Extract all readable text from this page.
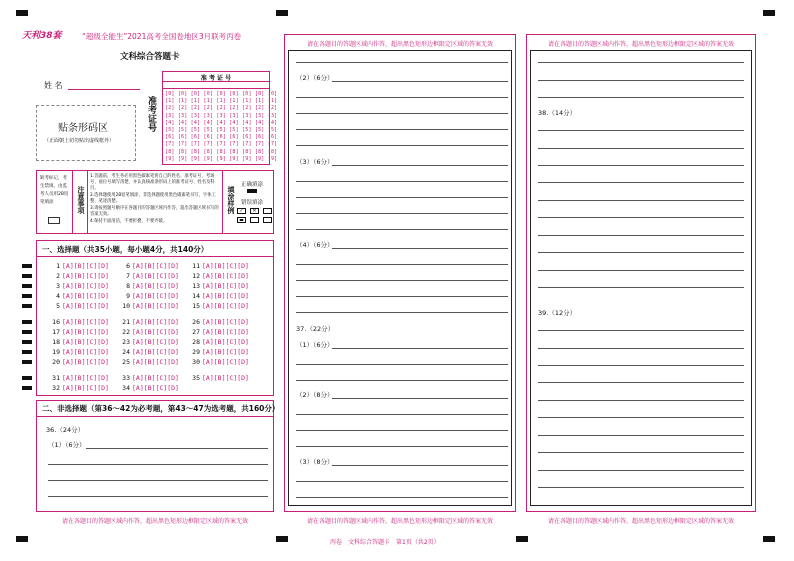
天利38套	“超级全能生”2021高考全国卷地区3月联考丙卷
文科综合答题卡
姓 名
贴条形码区
（正面朝上切勿贴出虚线框外）
准考证号
准 考 证 号
[0] [0] [0] [0] [0] [0] [0] [0] [0]
[1] [1] [1] [1] [1] [1] [1] [1] [1]
[2] [2] [2] [2] [2] [2] [2] [2] [2]
[3] [3] [3] [3] [3] [3] [3] [3] [3]
[4] [4] [4] [4] [4] [4] [4] [4] [4]
[5] [5] [5] [5] [5] [5] [5] [5] [5]
[6] [6] [6] [6] [6] [6] [6] [6] [6]
[7] [7] [7] [7] [7] [7] [7] [7] [7]
[8] [8] [8] [8] [8] [8] [8] [8] [8]
[9] [9] [9] [9] [9] [9] [9] [9] [9]
缺考标记，考生禁填，由监考人员用2B铅笔填涂	注意事项
1.答题前，考生务必用黑色碳素笔将自己的姓名、准考证号、考场号、座位号填写清楚，并认真核准条形码上的准考证号、姓名及科目。
2.选择题使用2B铅笔填涂，非选择题使用黑色碳素笔书写，字体工整、笔迹清楚。
3.请按照题号顺序在各题目的答题区域内作答，超出答题区域书写的答案无效。
4.保持卡面清洁，不要折叠、不要弄破。
填涂样例
正确填涂
错误填涂
✓	✕
一、选择题（共35小题，每小题4分，共140分）
1 [A][B][C][D]	6 [A][B][C][D]	11 [A][B][C][D]
2 [A][B][C][D]	7 [A][B][C][D]	12 [A][B][C][D]
3 [A][B][C][D]	8 [A][B][C][D]	13 [A][B][C][D]
4 [A][B][C][D]	9 [A][B][C][D]	14 [A][B][C][D]
5 [A][B][C][D]	10 [A][B][C][D]	15 [A][B][C][D]
16 [A][B][C][D]	21 [A][B][C][D]	26 [A][B][C][D]
17 [A][B][C][D]	22 [A][B][C][D]	27 [A][B][C][D]
18 [A][B][C][D]	23 [A][B][C][D]	28 [A][B][C][D]
19 [A][B][C][D]	24 [A][B][C][D]	29 [A][B][C][D]
20 [A][B][C][D]	25 [A][B][C][D]	30 [A][B][C][D]
31 [A][B][C][D]	33 [A][B][C][D]	35 [A][B][C][D]
32 [A][B][C][D]	34 [A][B][C][D]
二、非选择题（第36～42为必考题，第43～47为选考题，共160分）
36.（24分）
（1）（6分）
请在各题目的答题区域内作答，超出黑色矩形边框限定区域的答案无效
请在各题目的答题区域内作答，超出黑色矩形边框限定区域的答案无效
请在各题目的答题区域内作答，超出黑色矩形边框限定区域的答案无效
（2）（6分）
（3）（6分）
（4）（6分）
37.（22分）
（1）（6分）
（2）（8分）
（3）（8分）
请在各题目的答题区域内作答，超出黑色矩形边框限定区域的答案无效
请在各题目的答题区域内作答，超出黑色矩形边框限定区域的答案无效
38.（14分）
39.（12分）
丙卷　文科综合答题卡　第1页（共2页）
